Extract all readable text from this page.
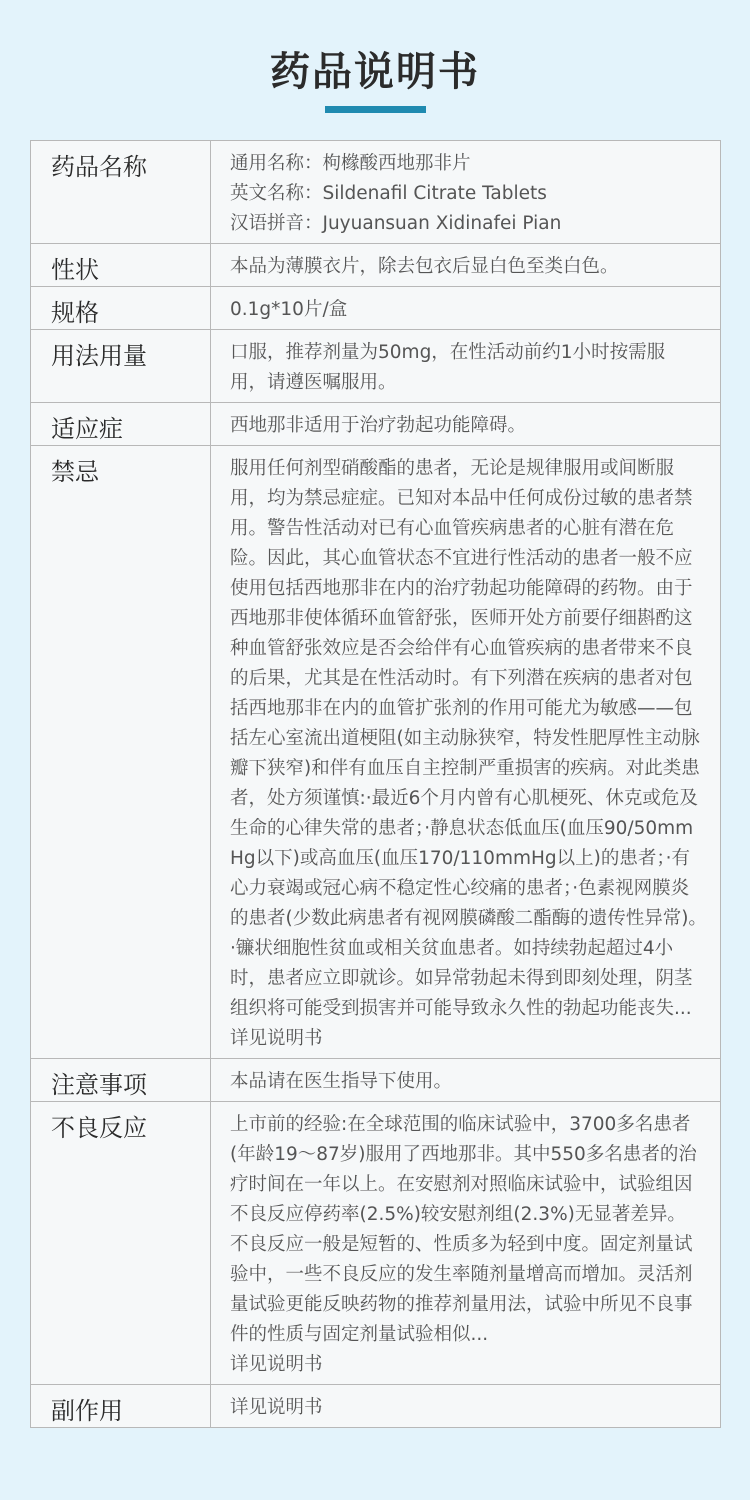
药品说明书
药品名称	通用名称：枸橼酸西地那非片
英文名称：Sildenafil Citrate Tablets
汉语拼音：Juyuansuan Xidinafei Pian

性状	本品为薄膜衣片，除去包衣后显白色至类白色。

规格	0.1g*10片/盒

用法用量	口服，推荐剂量为50mg，在性活动前约1小时按需服用，请遵医嘱服用。

适应症	西地那非适用于治疗勃起功能障碍。

禁忌	服用任何剂型硝酸酯的患者，无论是规律服用或间断服用，均为禁忌症症。已知对本品中任何成份过敏的患者禁用。警告性活动对已有心血管疾病患者的心脏有潜在危险。因此，其心血管状态不宜进行性活动的患者一般不应使用包括西地那非在内的治疗勃起功能障碍的药物。由于西地那非使体循环血管舒张，医师开处方前要仔细斟酌这种血管舒张效应是否会给伴有心血管疾病的患者带来不良的后果，尤其是在性活动时。有下列潜在疾病的患者对包括西地那非在内的血管扩张剂的作用可能尤为敏感——包括左心室流出道梗阻(如主动脉狭窄，特发性肥厚性主动脉瓣下狭窄)和伴有血压自主控制严重损害的疾病。对此类患者，处方须谨慎:·最近6个月内曾有心肌梗死、休克或危及生命的心律失常的患者；·静息状态低血压(血压90/50mmHg以下)或高血压(血压170/110mmHg以上)的患者；·有心力衰竭或冠心病不稳定性心绞痛的患者；·色素视网膜炎的患者(少数此病患者有视网膜磷酸二酯酶的遗传性异常)。·镰状细胞性贫血或相关贫血患者。如持续勃起超过4小时，患者应立即就诊。如异常勃起未得到即刻处理，阴茎组织将可能受到损害并可能导致永久性的勃起功能丧失...
详见说明书

注意事项	本品请在医生指导下使用。

不良反应	上市前的经验:在全球范围的临床试验中，3700多名患者(年龄19～87岁)服用了西地那非。其中550多名患者的治疗时间在一年以上。在安慰剂对照临床试验中，试验组因不良反应停药率(2.5%)较安慰剂组(2.3%)无显著差异。不良反应一般是短暂的、性质多为轻到中度。固定剂量试验中，一些不良反应的发生率随剂量增高而增加。灵活剂量试验更能反映药物的推荐剂量用法，试验中所见不良事件的性质与固定剂量试验相似...
详见说明书

副作用	详见说明书
